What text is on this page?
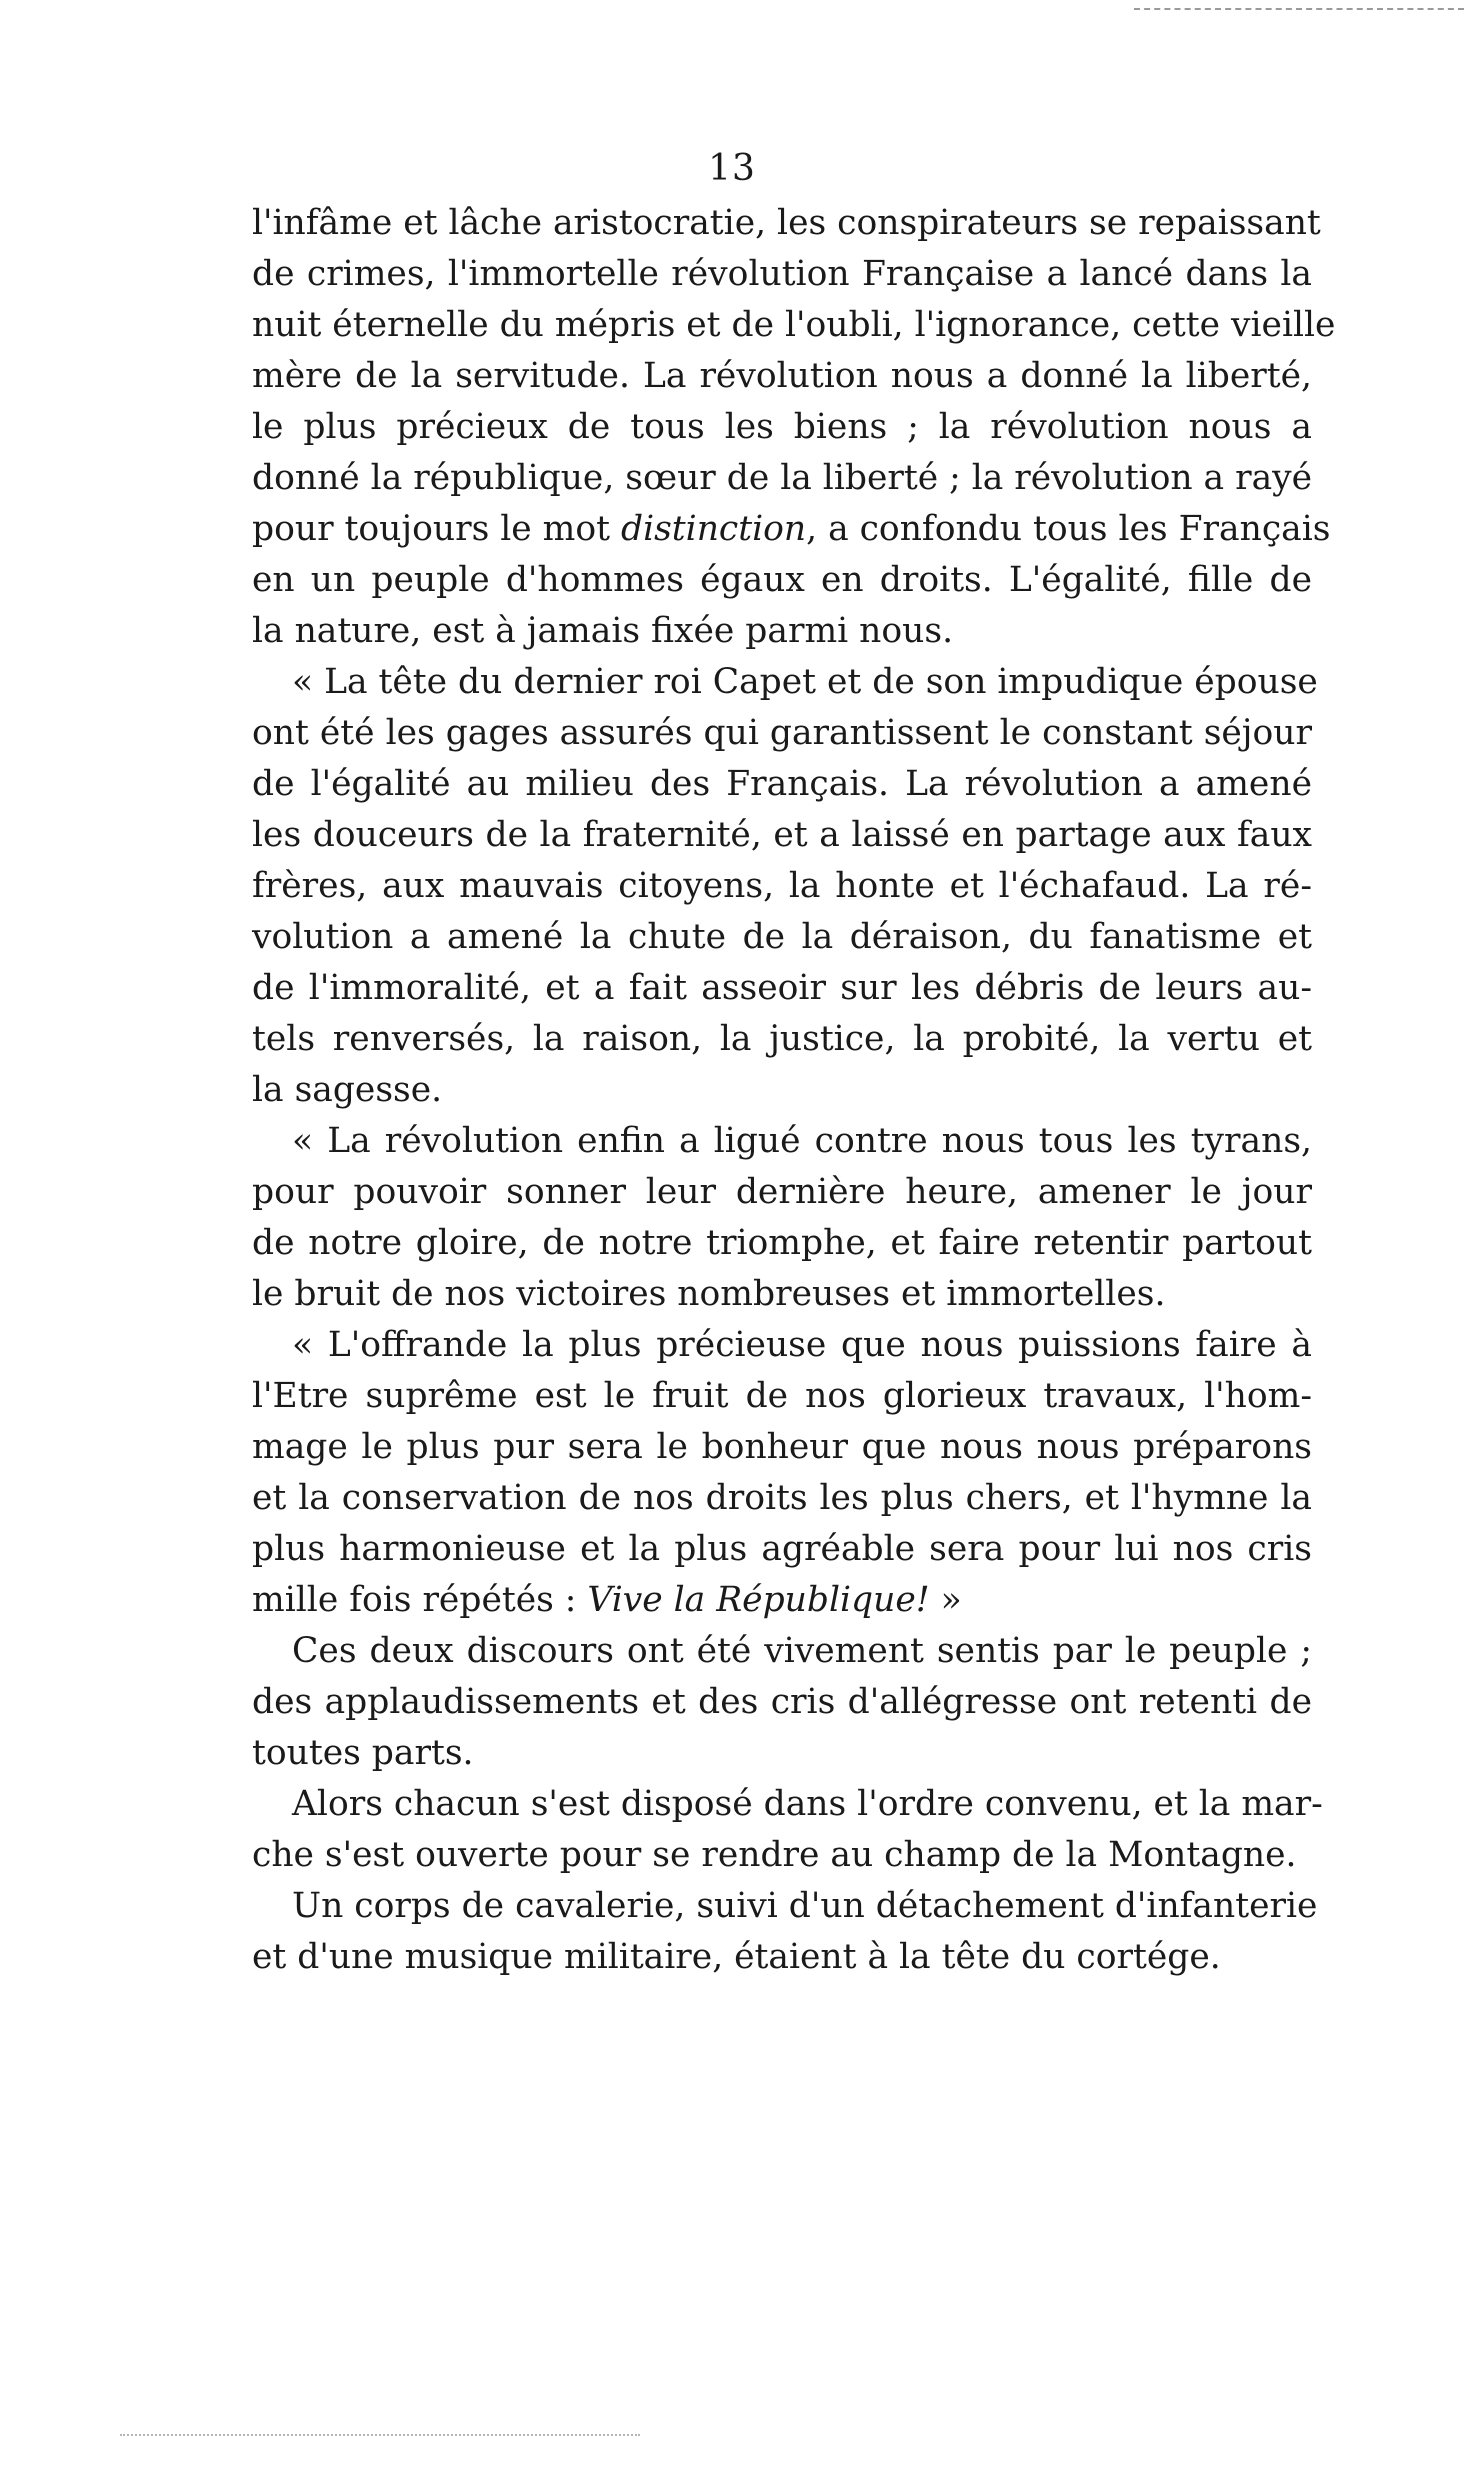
13
l'infâme et lâche aristocratie, les conspirateurs se repaissant
de crimes, l'immortelle révolution Française a lancé dans la
nuit éternelle du mépris et de l'oubli, l'ignorance, cette vieille
mère de la servitude. La révolution nous a donné la liberté,
le plus précieux de tous les biens ; la révolution nous a
donné la république, sœur de la liberté ; la révolution a rayé
pour toujours le mot distinction, a confondu tous les Français
en un peuple d'hommes égaux en droits. L'égalité, fille de
la nature, est à jamais fixée parmi nous.
« La tête du dernier roi Capet et de son impudique épouse
ont été les gages assurés qui garantissent le constant séjour
de l'égalité au milieu des Français. La révolution a amené
les douceurs de la fraternité, et a laissé en partage aux faux
frères, aux mauvais citoyens, la honte et l'échafaud. La ré-
volution a amené la chute de la déraison, du fanatisme et
de l'immoralité, et a fait asseoir sur les débris de leurs au-
tels renversés, la raison, la justice, la probité, la vertu et
la sagesse.
« La révolution enfin a ligué contre nous tous les tyrans,
pour pouvoir sonner leur dernière heure, amener le jour
de notre gloire, de notre triomphe, et faire retentir partout
le bruit de nos victoires nombreuses et immortelles.
« L'offrande la plus précieuse que nous puissions faire à
l'Etre suprême est le fruit de nos glorieux travaux, l'hom-
mage le plus pur sera le bonheur que nous nous préparons
et la conservation de nos droits les plus chers, et l'hymne la
plus harmonieuse et la plus agréable sera pour lui nos cris
mille fois répétés : Vive la République! »
Ces deux discours ont été vivement sentis par le peuple ;
des applaudissements et des cris d'allégresse ont retenti de
toutes parts.
Alors chacun s'est disposé dans l'ordre convenu, et la mar-
che s'est ouverte pour se rendre au champ de la Montagne.
Un corps de cavalerie, suivi d'un détachement d'infanterie
et d'une musique militaire, étaient à la tête du cortége.
